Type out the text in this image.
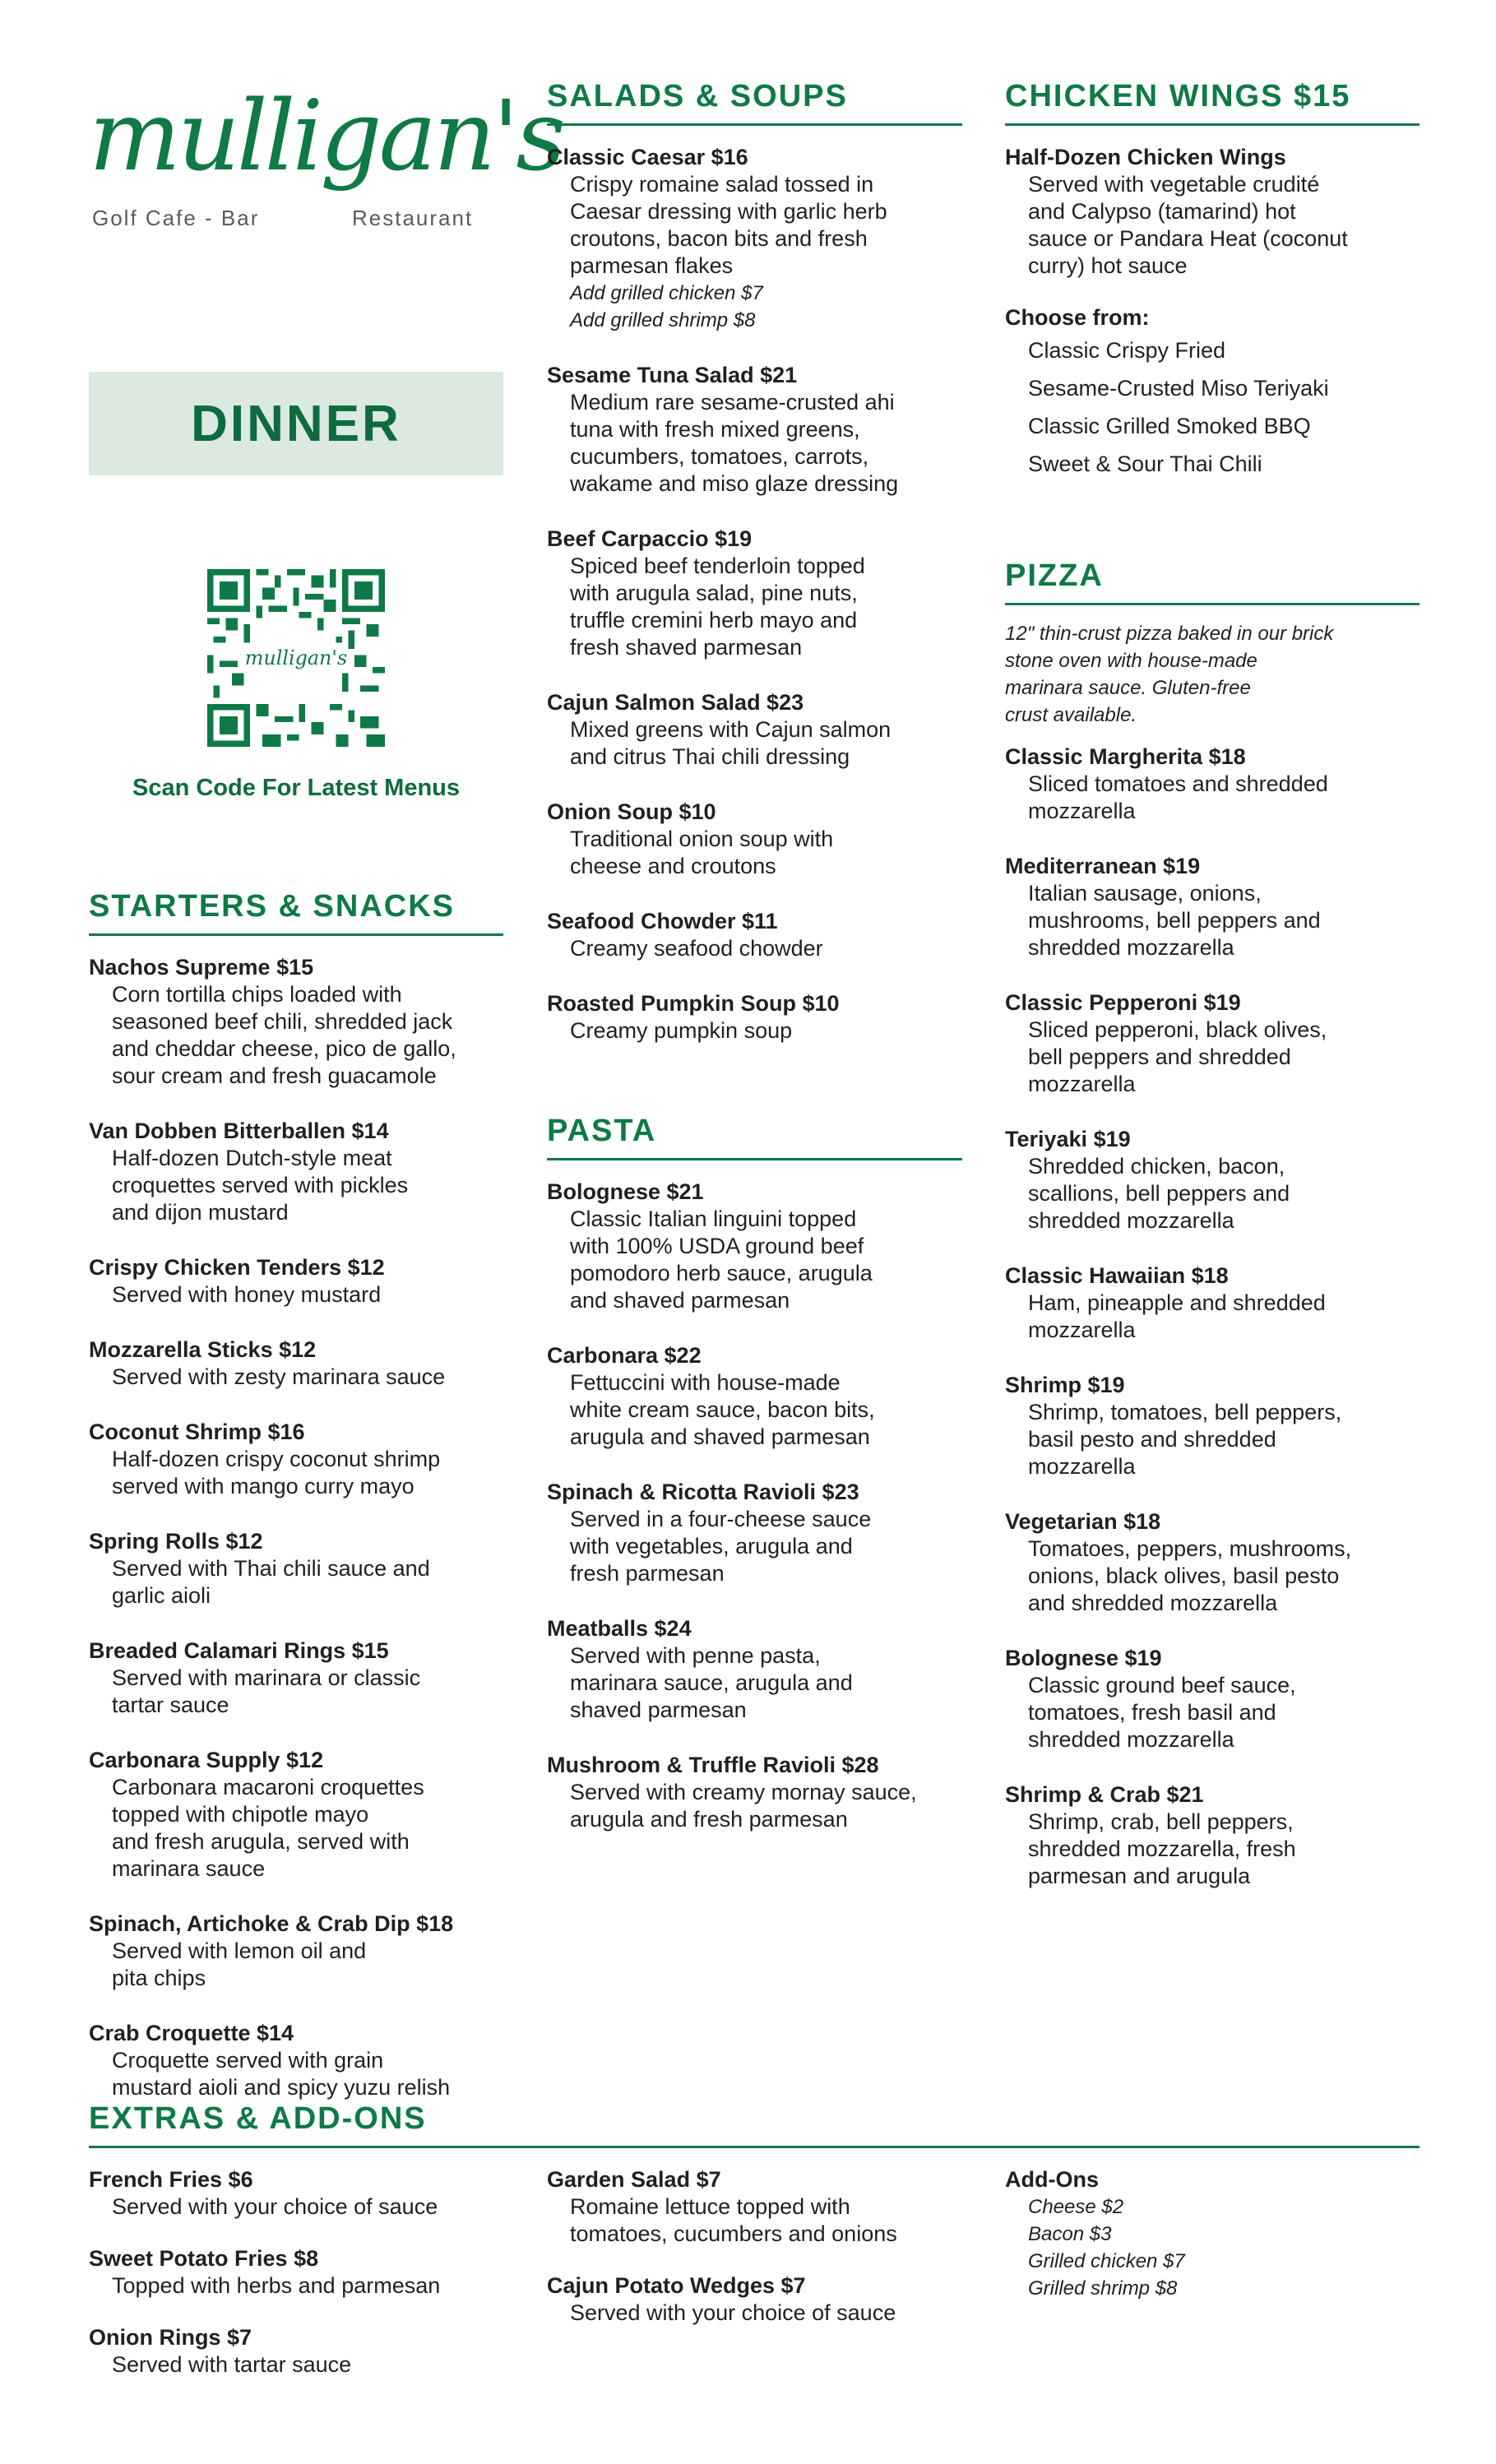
mulligan's
Golf Cafe - Bar	Restaurant
DINNER
mulligan's
Scan Code For Latest Menus
STARTERS & SNACKS
Nachos Supreme $15
Corn tortilla chips loaded with
seasoned beef chili, shredded jack
and cheddar cheese, pico de gallo,
sour cream and fresh guacamole
Van Dobben Bitterballen $14
Half-dozen Dutch-style meat
croquettes served with pickles
and dijon mustard
Crispy Chicken Tenders $12
Served with honey mustard
Mozzarella Sticks $12
Served with zesty marinara sauce
Coconut Shrimp $16
Half-dozen crispy coconut shrimp
served with mango curry mayo
Spring Rolls $12
Served with Thai chili sauce and
garlic aioli
Breaded Calamari Rings $15
Served with marinara or classic
tartar sauce
Carbonara Supply $12
Carbonara macaroni croquettes
topped with chipotle mayo
and fresh arugula, served with
marinara sauce
Spinach, Artichoke & Crab Dip $18
Served with lemon oil and
pita chips
Crab Croquette $14
Croquette served with grain
mustard aioli and spicy yuzu relish
SALADS & SOUPS
Classic Caesar $16
Crispy romaine salad tossed in
Caesar dressing with garlic herb
croutons, bacon bits and fresh
parmesan flakes
Add grilled chicken $7
Add grilled shrimp $8
Sesame Tuna Salad $21
Medium rare sesame-crusted ahi
tuna with fresh mixed greens,
cucumbers, tomatoes, carrots,
wakame and miso glaze dressing
Beef Carpaccio $19
Spiced beef tenderloin topped
with arugula salad, pine nuts,
truffle cremini herb mayo and
fresh shaved parmesan
Cajun Salmon Salad $23
Mixed greens with Cajun salmon
and citrus Thai chili dressing
Onion Soup $10
Traditional onion soup with
cheese and croutons
Seafood Chowder $11
Creamy seafood chowder
Roasted Pumpkin Soup $10
Creamy pumpkin soup
PASTA
Bolognese $21
Classic Italian linguini topped
with 100% USDA ground beef
pomodoro herb sauce, arugula
and shaved parmesan
Carbonara $22
Fettuccini with house-made
white cream sauce, bacon bits,
arugula and shaved parmesan
Spinach & Ricotta Ravioli $23
Served in a four-cheese sauce
with vegetables, arugula and
fresh parmesan
Meatballs $24
Served with penne pasta,
marinara sauce, arugula and
shaved parmesan
Mushroom & Truffle Ravioli $28
Served with creamy mornay sauce,
arugula and fresh parmesan
CHICKEN WINGS $15
Half-Dozen Chicken Wings
Served with vegetable crudité
and Calypso (tamarind) hot
sauce or Pandara Heat (coconut
curry) hot sauce
Choose from:
Classic Crispy Fried
Sesame-Crusted Miso Teriyaki
Classic Grilled Smoked BBQ
Sweet & Sour Thai Chili
PIZZA
12" thin-crust pizza baked in our brick
stone oven with house-made
marinara sauce. Gluten-free
crust available.
Classic Margherita $18
Sliced tomatoes and shredded
mozzarella
Mediterranean $19
Italian sausage, onions,
mushrooms, bell peppers and
shredded mozzarella
Classic Pepperoni $19
Sliced pepperoni, black olives,
bell peppers and shredded
mozzarella
Teriyaki $19
Shredded chicken, bacon,
scallions, bell peppers and
shredded mozzarella
Classic Hawaiian $18
Ham, pineapple and shredded
mozzarella
Shrimp $19
Shrimp, tomatoes, bell peppers,
basil pesto and shredded
mozzarella
Vegetarian $18
Tomatoes, peppers, mushrooms,
onions, black olives, basil pesto
and shredded mozzarella
Bolognese $19
Classic ground beef sauce,
tomatoes, fresh basil and
shredded mozzarella
Shrimp & Crab $21
Shrimp, crab, bell peppers,
shredded mozzarella, fresh
parmesan and arugula
EXTRAS & ADD-ONS
French Fries $6
Served with your choice of sauce
Sweet Potato Fries $8
Topped with herbs and parmesan
Onion Rings $7
Served with tartar sauce
Garden Salad $7
Romaine lettuce topped with
tomatoes, cucumbers and onions
Cajun Potato Wedges $7
Served with your choice of sauce
Add-Ons
Cheese $2
Bacon $3
Grilled chicken $7
Grilled shrimp $8
